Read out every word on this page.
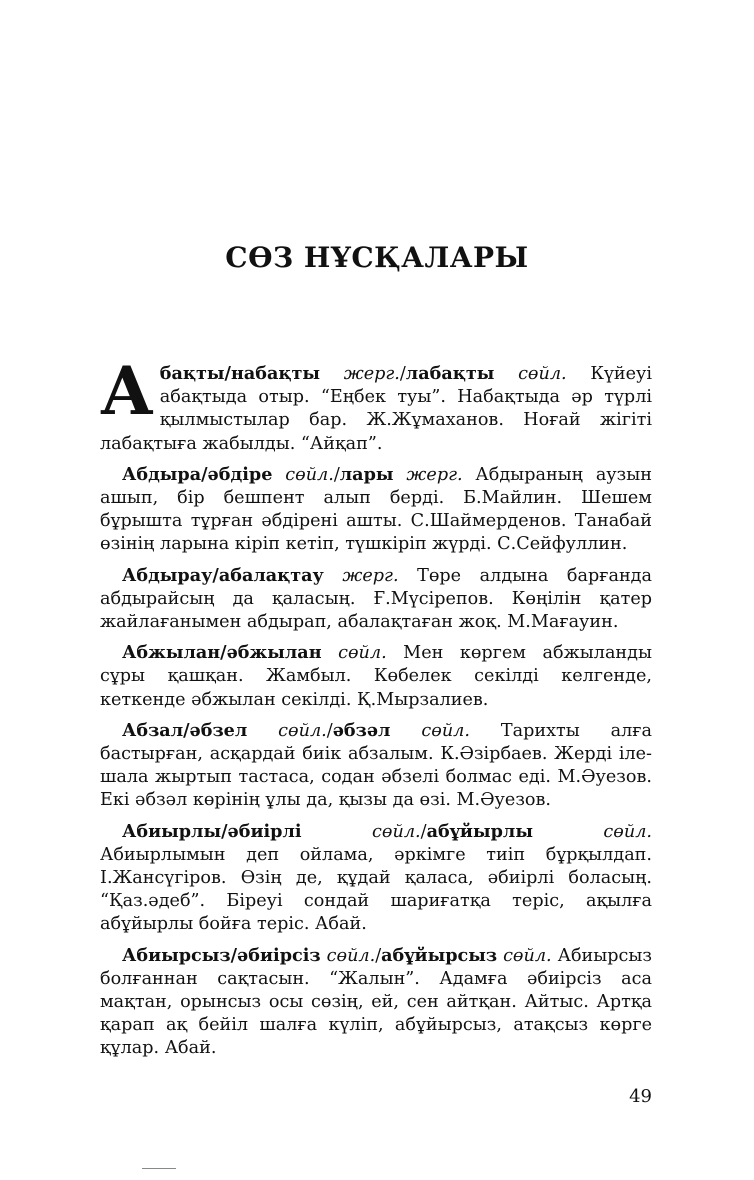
СӨЗ НҰСҚАЛАРЫ

Абақты/набақты жерг./лабақты сөйл. Күйеуі абақтыда отыр. “Еңбек туы”. Набақтыда әр түрлі қылмыстылар бар. Ж.Жұмаханов. Ноғай жігіті лабақтыға жабылды. “Айқап”.

Абдыра/әбдіре сөйл./лары жерг. Абдыраның аузын ашып, бір бешпент алып берді. Б.Майлин. Шешем бұрышта тұрған әбдірені ашты. С.Шаймерденов. Танабай өзінің ларына кіріп кетіп, түшкіріп жүрді. С.Сейфуллин.

Абдырау/абалақтау жерг. Төре алдына барғанда абдырайсың да қаласың. Ғ.Мүсірепов. Көңілін қатер жайлағанымен абдырап, абалақтаған жоқ. М.Мағауин.

Абжылан/әбжылан сөйл. Мен көргем абжыланды сұры қашқан. Жамбыл. Көбелек секілді келгенде, кеткенде әбжылан секілді. Қ.Мырзалиев.

Абзал/әбзел сөйл./әбзәл сөйл. Тарихты алға бастырған, асқардай биік абзалым. К.Әзірбаев. Жерді іле-шала жыртып тастаса, содан әбзелі болмас еді. М.Әуезов. Екі әбзәл көрінің ұлы да, қызы да өзі. М.Әуезов.

Абиырлы/әбиірлі сөйл./абұйырлы сөйл. Абиырлымын деп ойлама, әркімге тиіп бұрқылдап. І.Жансүгіров. Өзің де, құдай қаласа, әбиірлі боласың. “Қаз.әдеб”. Біреуі сондай шариғатқа теріс, ақылға абұйырлы бойға теріс. Абай.

Абиырсыз/әбиірсіз сөйл./абұйырсыз сөйл. Абиырсыз болғаннан сақтасын. “Жалын”. Адамға әбиірсіз аса мақтан, орынсыз осы сөзің, ей, сен айтқан. Айтыс. Артқа қарап ақ бейіл шалға күліп, абұйырсыз, атақсыз көрге құлар. Абай.

49
